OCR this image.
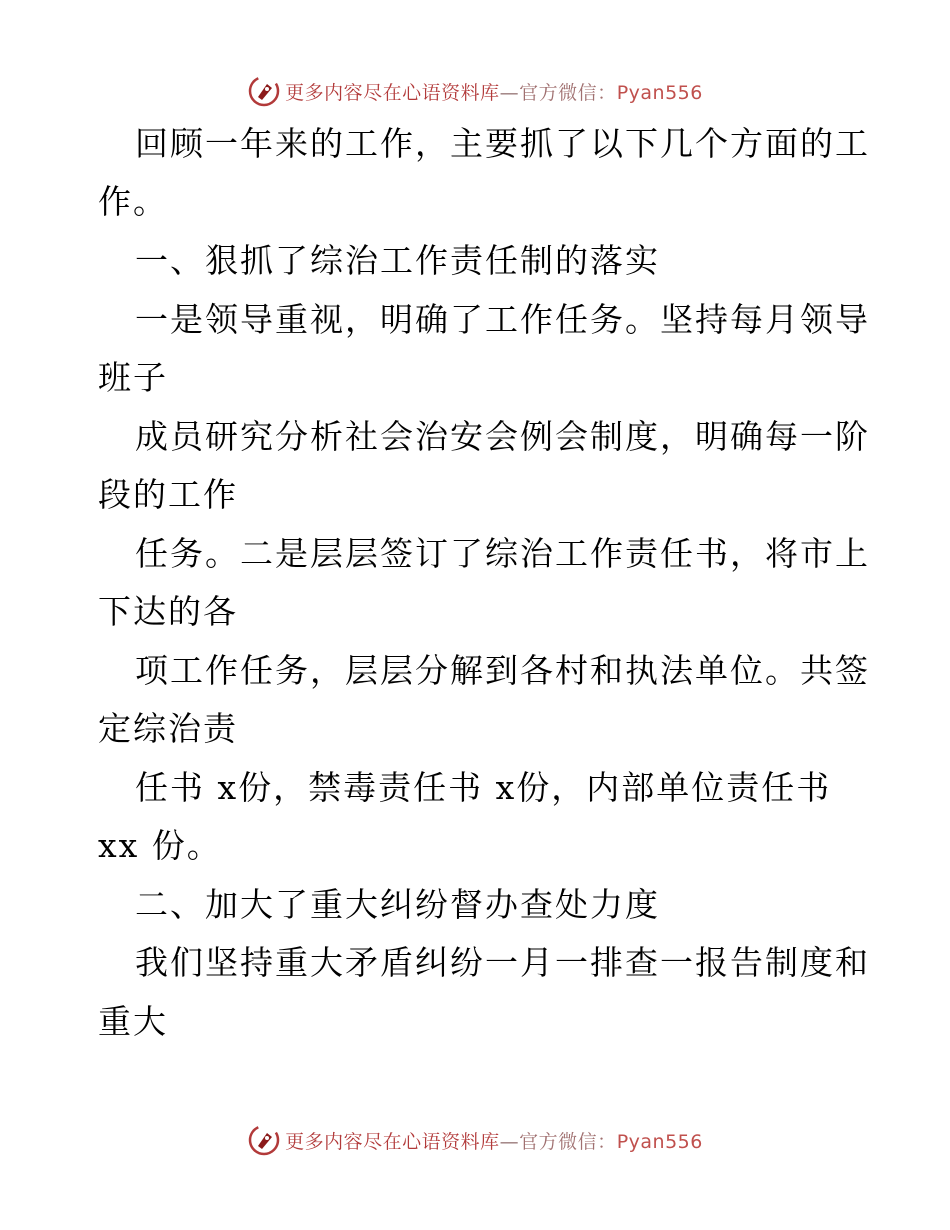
更多内容尽在心语资料库—官方微信：Pyan556
回顾一年来的工作，主要抓了以下几个方面的工
作。
一、狠抓了综治工作责任制的落实
一是领导重视，明确了工作任务。坚持每月领导
班子
成员研究分析社会治安会例会制度，明确每一阶
段的工作
任务。二是层层签订了综治工作责任书，将市上
下达的各
项工作任务，层层分解到各村和执法单位。共签
定综治责
任书 x份，禁毒责任书 x份，内部单位责任书
xx 份。
二、加大了重大纠纷督办查处力度
我们坚持重大矛盾纠纷一月一排查一报告制度和
重大
更多内容尽在心语资料库—官方微信：Pyan556
